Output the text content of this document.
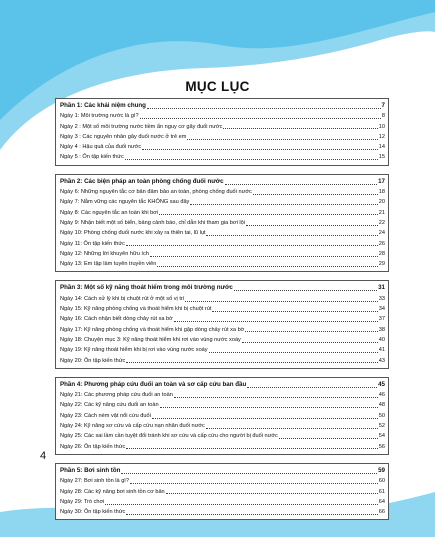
MỤC LỤC
Phần 1: Các khái niệm chung	7
Ngày 1: Môi trường nước là gì?	8
Ngày 2 : Một số môi trường nước tiềm ẩn nguy cơ gây đuối nước	10
Ngày 3 : Các nguyên nhân gây đuối nước ở trẻ em	12
Ngày 4 : Hậu quả của đuối nước	14
Ngày 5 : Ôn tập kiến thức	15
Phần 2: Các biện pháp an toàn phòng chống đuối nước	17
Ngày 6: Những nguyên tắc cơ bản đảm bảo an toàn, phòng chống đuối nước	18
Ngày 7: Nằm vững các nguyên tắc KHÔNG sau đây	20
Ngày 8: Các nguyên tắc an toàn khi bơi	21
Ngày 9: Nhận biết một số biển, bảng cảnh báo, chỉ dẫn khi tham gia bơi lội	22
Ngày 10: Phòng chống đuối nước khi xảy ra thiên tai, lũ lụt	24
Ngày 11: Ôn tập kiến thức	26
Ngày 12: Những lời khuyên hữu ích	28
Ngày 13: Em tập làm tuyên truyền viên	29
Phần 3: Một số kỹ năng thoát hiểm trong môi trường nước	31
Ngày 14: Cách xử lý khi bị chuột rút ở một số vị trí	33
Ngày 15: Kỹ năng phòng chống và thoát hiểm khi bị chuột rút	34
Ngày 16: Cách nhận biết dòng chảy rút xa bờ	37
Ngày 17: Kỹ năng phòng chống và thoát hiểm khi gặp dòng chảy rút xa bờ	38
Ngày 18: Chuyện mục 3: Kỹ năng thoát hiểm khi rơi vào vùng nước xoáy	40
Ngày 19: Kỹ năng thoát hiểm khi bị rơi vào vùng nước xoáy	41
Ngày 20: Ôn tập kiến thức	43
Phần 4: Phương pháp cứu đuối an toàn và sơ cấp cứu ban đầu	45
Ngày 21: Các phương pháp cứu đuối an toàn	46
Ngày 22: Các kỹ năng cứu đuối an toàn	48
Ngày 23: Cách ném vật nổi cứu đuối	50
Ngày 24: Kỹ năng sơ cứu và cấp cứu nạn nhân đuối nước	52
Ngày 25: Các sai lầm cần tuyệt đối tránh khi sơ cứu và cấp cứu cho người bị đuối nước	54
Ngày 26: Ôn tập kiến thức	56
Phần 5: Bơi sinh tồn	59
Ngày 27: Bơi sinh tồn là gì?	60
Ngày 28: Các kỹ năng bơi sinh tồn cơ bản	61
Ngày 29: Trò chơi	64
Ngày 30: Ôn tập kiến thức	66
4
